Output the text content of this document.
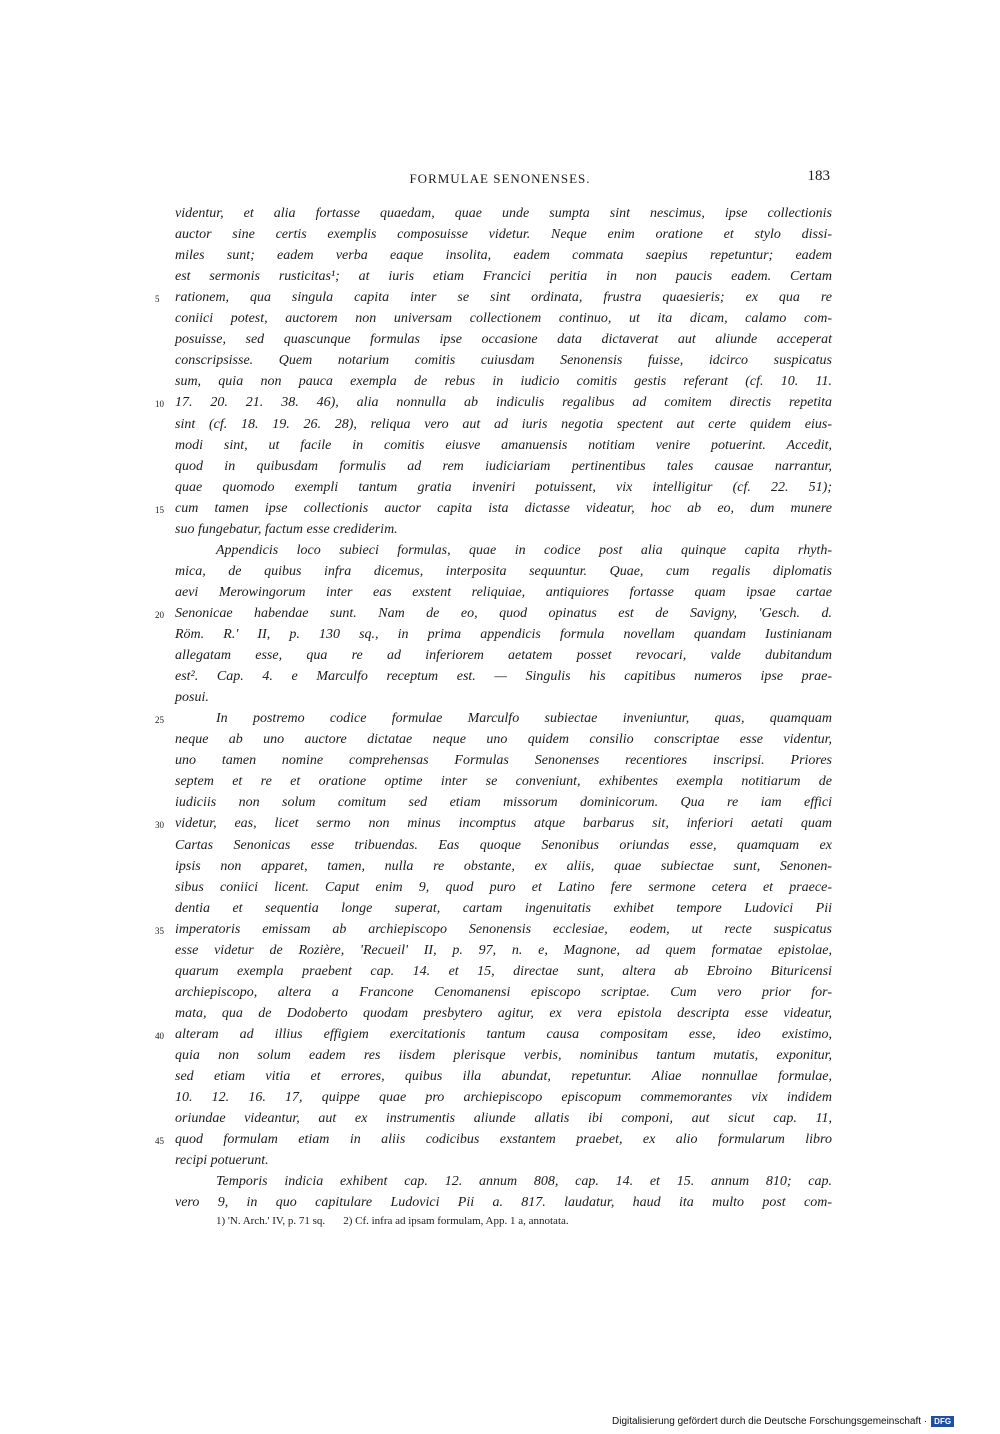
FORMULAE SENONENSES.	183
videntur, et alia fortasse quaedam, quae unde sumpta sint nescimus, ipse collectionis
auctor sine certis exemplis composuisse videtur. Neque enim oratione et stylo dissi-
miles sunt; eadem verba eaque insolita, eadem commata saepius repetuntur; eadem
est sermonis rusticitas¹; at iuris etiam Francici peritia in non paucis eadem. Certam
rationem, qua singula capita inter se sint ordinata, frustra quaesieris; ex qua re
5
coniici potest, auctorem non universam collectionem continuo, ut ita dicam, calamo com-
posuisse, sed quascunque formulas ipse occasione data dictaverat aut aliunde acceperat
conscripsisse. Quem notarium comitis cuiusdam Senonensis fuisse, idcirco suspicatus
sum, quia non pauca exempla de rebus in iudicio comitis gestis referant (cf. 10. 11.
17. 20. 21. 38. 46), alia nonnulla ab indiculis regalibus ad comitem directis repetita
10
sint (cf. 18. 19. 26. 28), reliqua vero aut ad iuris negotia spectent aut certe quidem eius-
modi sint, ut facile in comitis eiusve amanuensis notitiam venire potuerint. Accedit,
quod in quibusdam formulis ad rem iudiciariam pertinentibus tales causae narrantur,
quae quomodo exempli tantum gratia inveniri potuissent, vix intelligitur (cf. 22. 51);
cum tamen ipse collectionis auctor capita ista dictasse videatur, hoc ab eo, dum munere
15
suo fungebatur, factum esse crediderim.
Appendicis loco subieci formulas, quae in codice post alia quinque capita rhyth-
mica, de quibus infra dicemus, interposita sequuntur. Quae, cum regalis diplomatis
aevi Merowingorum inter eas exstent reliquiae, antiquiores fortasse quam ipsae cartae
Senonicae habendae sunt. Nam de eo, quod opinatus est de Savigny, 'Gesch. d.
20
Röm. R.' II, p. 130 sq., in prima appendicis formula novellam quandam Iustinianam
allegatam esse, qua re ad inferiorem aetatem posset revocari, valde dubitandum
est². Cap. 4. e Marculfo receptum est. — Singulis his capitibus numeros ipse prae-
posui.
In postremo codice formulae Marculfo subiectae inveniuntur, quas, quamquam
25
neque ab uno auctore dictatae neque uno quidem consilio conscriptae esse videntur,
uno tamen nomine comprehensas Formulas Senonenses recentiores inscripsi. Priores
septem et re et oratione optime inter se conveniunt, exhibentes exempla notitiarum de
iudiciis non solum comitum sed etiam missorum dominicorum. Qua re iam effici
videtur, eas, licet sermo non minus incomptus atque barbarus sit, inferiori aetati quam
30
Cartas Senonicas esse tribuendas. Eas quoque Senonibus oriundas esse, quamquam ex
ipsis non apparet, tamen, nulla re obstante, ex aliis, quae subiectae sunt, Senonen-
sibus coniici licent. Caput enim 9, quod puro et Latino fere sermone cetera et praece-
dentia et sequentia longe superat, cartam ingenuitatis exhibet tempore Ludovici Pii
imperatoris emissam ab archiepiscopo Senonensis ecclesiae, eodem, ut recte suspicatus
35
esse videtur de Rozière, 'Recueil' II, p. 97, n. e, Magnone, ad quem formatae epistolae,
quarum exempla praebent cap. 14. et 15, directae sunt, altera ab Ebroino Bituricensi
archiepiscopo, altera a Francone Cenomanensi episcopo scriptae. Cum vero prior for-
mata, qua de Dodoberto quodam presbytero agitur, ex vera epistola descripta esse videatur,
alteram ad illius effigiem exercitationis tantum causa compositam esse, ideo existimo,
40
quia non solum eadem res iisdem plerisque verbis, nominibus tantum mutatis, exponitur,
sed etiam vitia et errores, quibus illa abundat, repetuntur. Aliae nonnullae formulae,
10. 12. 16. 17, quippe quae pro archiepiscopo episcopum commemorantes vix indidem
oriundae videantur, aut ex instrumentis aliunde allatis ibi componi, aut sicut cap. 11,
quod formulam etiam in aliis codicibus exstantem praebet, ex alio formularum libro
45
recipi potuerunt.
Temporis indicia exhibent cap. 12. annum 808, cap. 14. et 15. annum 810; cap.
vero 9, in quo capitulare Ludovici Pii a. 817. laudatur, haud ita multo post com-
1) 'N. Arch.' IV, p. 71 sq. 2) Cf. infra ad ipsam formulam, App. 1 a, annotata.
Digitalisierung gefördert durch die Deutsche Forschungsgemeinschaft · DFG
